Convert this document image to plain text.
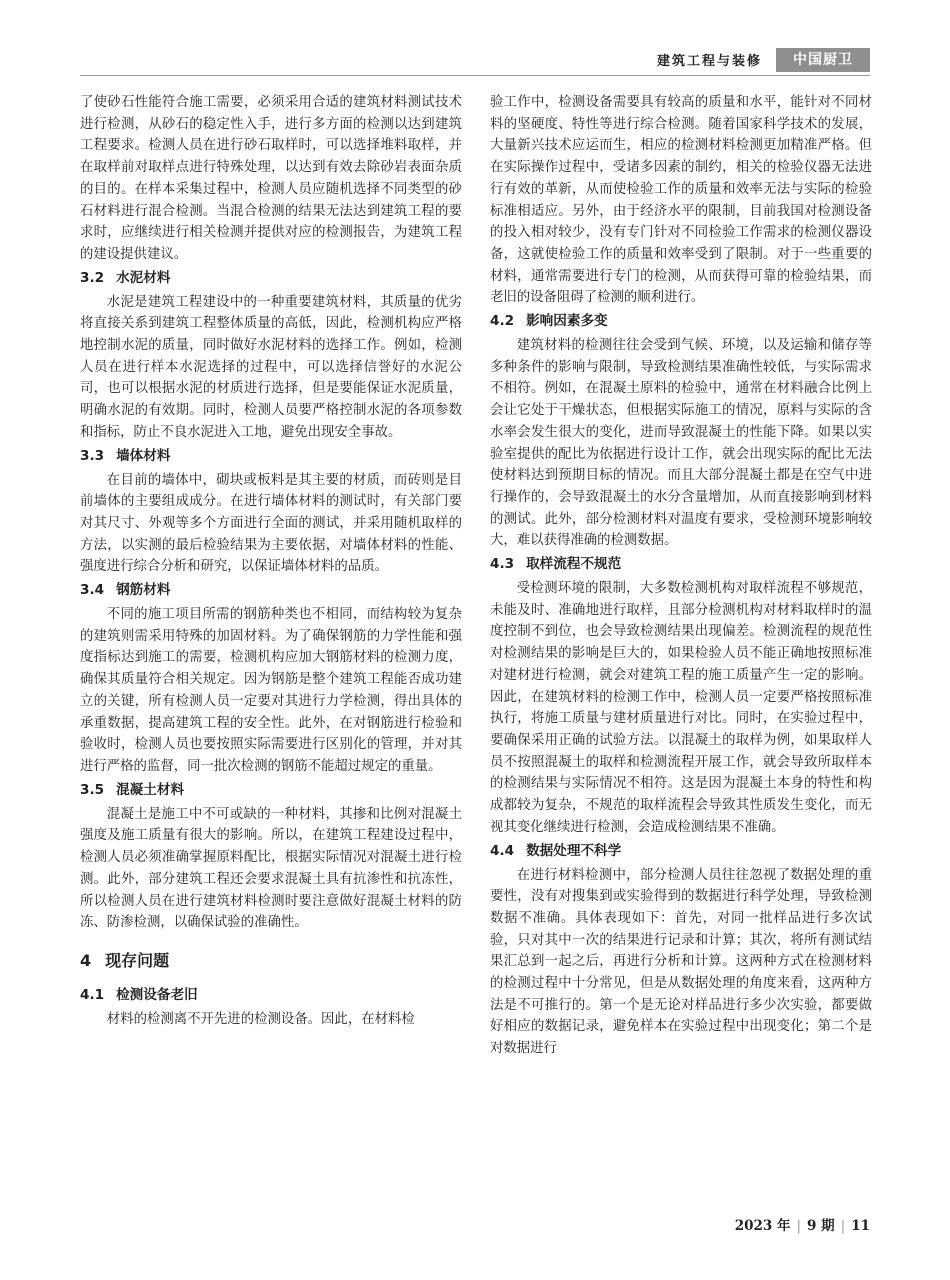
建筑工程与装修	中国厨卫

了使砂石性能符合施工需要，必须采用合适的建筑材料测试技术进行检测，从砂石的稳定性入手，进行多方面的检测以达到建筑工程要求。检测人员在进行砂石取样时，可以选择堆料取样，并在取样前对取样点进行特殊处理，以达到有效去除砂岩表面杂质的目的。在样本采集过程中，检测人员应随机选择不同类型的砂石材料进行混合检测。当混合检测的结果无法达到建筑工程的要求时，应继续进行相关检测并提供对应的检测报告，为建筑工程的建设提供建议。

3.2 水泥材料

水泥是建筑工程建设中的一种重要建筑材料，其质量的优劣将直接关系到建筑工程整体质量的高低，因此，检测机构应严格地控制水泥的质量，同时做好水泥材料的选择工作。例如，检测人员在进行样本水泥选择的过程中，可以选择信誉好的水泥公司，也可以根据水泥的材质进行选择，但是要能保证水泥质量，明确水泥的有效期。同时，检测人员要严格控制水泥的各项参数和指标，防止不良水泥进入工地，避免出现安全事故。

3.3 墙体材料

在目前的墙体中，砌块或板料是其主要的材质，而砖则是目前墙体的主要组成成分。在进行墙体材料的测试时，有关部门要对其尺寸、外观等多个方面进行全面的测试，并采用随机取样的方法，以实测的最后检验结果为主要依据，对墙体材料的性能、强度进行综合分析和研究，以保证墙体材料的品质。

3.4 钢筋材料

不同的施工项目所需的钢筋种类也不相同，而结构较为复杂的建筑则需采用特殊的加固材料。为了确保钢筋的力学性能和强度指标达到施工的需要，检测机构应加大钢筋材料的检测力度，确保其质量符合相关规定。因为钢筋是整个建筑工程能否成功建立的关键，所有检测人员一定要对其进行力学检测，得出具体的承重数据，提高建筑工程的安全性。此外，在对钢筋进行检验和验收时，检测人员也要按照实际需要进行区别化的管理，并对其进行严格的监督，同一批次检测的钢筋不能超过规定的重量。

3.5 混凝土材料

混凝土是施工中不可或缺的一种材料，其掺和比例对混凝土强度及施工质量有很大的影响。所以，在建筑工程建设过程中，检测人员必须准确掌握原料配比，根据实际情况对混凝土进行检测。此外，部分建筑工程还会要求混凝土具有抗渗性和抗冻性，所以检测人员在进行建筑材料检测时要注意做好混凝土材料的防冻、防渗检测，以确保试验的准确性。

4 现存问题
4.1 检测设备老旧

材料的检测离不开先进的检测设备。因此，在材料检

验工作中，检测设备需要具有较高的质量和水平，能针对不同材料的坚硬度、特性等进行综合检测。随着国家科学技术的发展，大量新兴技术应运而生，相应的检测材料检测更加精准严格。但在实际操作过程中，受诸多因素的制约，相关的检验仪器无法进行有效的革新，从而使检验工作的质量和效率无法与实际的检验标准相适应。另外，由于经济水平的限制，目前我国对检测设备的投入相对较少，没有专门针对不同检验工作需求的检测仪器设备，这就使检验工作的质量和效率受到了限制。对于一些重要的材料，通常需要进行专门的检测，从而获得可靠的检验结果，而老旧的设备阻碍了检测的顺利进行。

4.2 影响因素多变

建筑材料的检测往往会受到气候、环境，以及运输和储存等多种条件的影响与限制，导致检测结果准确性较低，与实际需求不相符。例如，在混凝土原料的检验中，通常在材料融合比例上会让它处于干燥状态，但根据实际施工的情况，原料与实际的含水率会发生很大的变化，进而导致混凝土的性能下降。如果以实验室提供的配比为依据进行设计工作，就会出现实际的配比无法使材料达到预期目标的情况。而且大部分混凝土都是在空气中进行操作的，会导致混凝土的水分含量增加，从而直接影响到材料的测试。此外，部分检测材料对温度有要求，受检测环境影响较大，难以获得准确的检测数据。

4.3 取样流程不规范

受检测环境的限制，大多数检测机构对取样流程不够规范，未能及时、准确地进行取样，且部分检测机构对材料取样时的温度控制不到位，也会导致检测结果出现偏差。检测流程的规范性对检测结果的影响是巨大的，如果检验人员不能正确地按照标准对建材进行检测，就会对建筑工程的施工质量产生一定的影响。因此，在建筑材料的检测工作中，检测人员一定要严格按照标准执行，将施工质量与建材质量进行对比。同时，在实验过程中，要确保采用正确的试验方法。以混凝土的取样为例，如果取样人员不按照混凝土的取样和检测流程开展工作，就会导致所取样本的检测结果与实际情况不相符。这是因为混凝土本身的特性和构成都较为复杂，不规范的取样流程会导致其性质发生变化，而无视其变化继续进行检测，会造成检测结果不准确。

4.4 数据处理不科学

在进行材料检测中，部分检测人员往往忽视了数据处理的重要性，没有对搜集到或实验得到的数据进行科学处理，导致检测数据不准确。具体表现如下：首先，对同一批样品进行多次试验，只对其中一次的结果进行记录和计算；其次，将所有测试结果汇总到一起之后，再进行分析和计算。这两种方式在检测材料的检测过程中十分常见，但是从数据处理的角度来看，这两种方法是不可推行的。第一个是无论对样品进行多少次实验，都要做好相应的数据记录，避免样本在实验过程中出现变化；第二个是对数据进行

2023 年 | 9 期 | 11
